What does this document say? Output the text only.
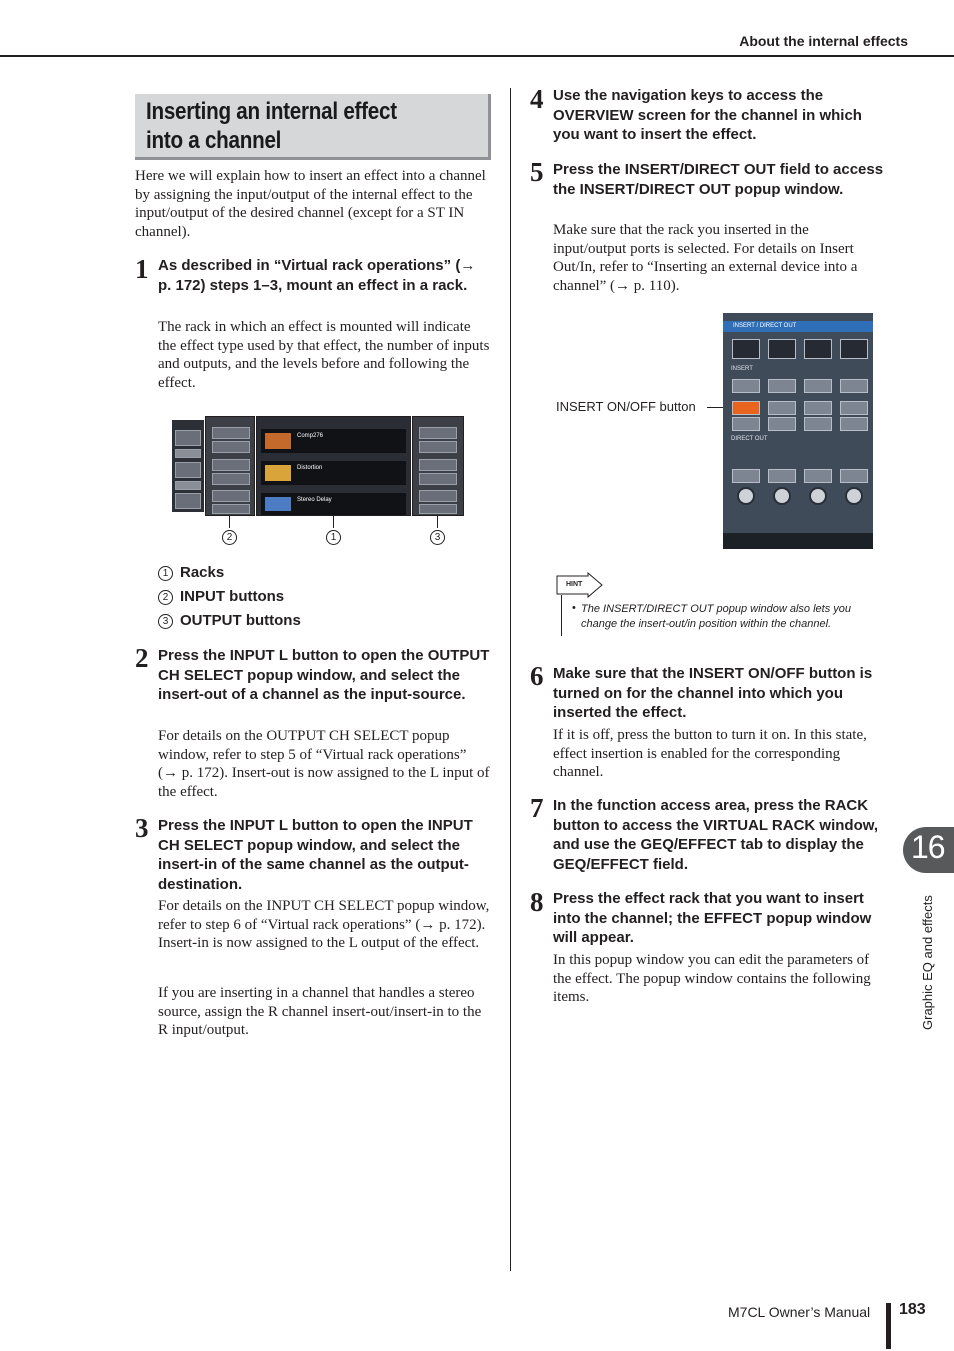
About the internal effects
Inserting an internal effect
into a channel
Here we will explain how to insert an effect into a channel by assigning the input/output of the internal effect to the input/output of the desired channel (except for a ST IN channel).
1 As described in “Virtual rack operations” (→ p. 172) steps 1–3, mount an effect in a rack.
The rack in which an effect is mounted will indicate the effect type used by that effect, the number of inputs and outputs, and the levels before and following the effect.
Comp276
Distortion
Stereo Delay
2	1	3
1 Racks
2 INPUT buttons
3 OUTPUT buttons
2 Press the INPUT L button to open the OUTPUT CH SELECT popup window, and select the insert-out of a channel as the input-source.
For details on the OUTPUT CH SELECT popup window, refer to step 5 of “Virtual rack operations” (→ p. 172). Insert-out is now assigned to the L input of the effect.
3 Press the INPUT L button to open the INPUT CH SELECT popup window, and select the insert-in of the same channel as the output-destination.
For details on the INPUT CH SELECT popup window, refer to step 6 of “Virtual rack operations” (→ p. 172). Insert-in is now assigned to the L output of the effect.
If you are inserting in a channel that handles a stereo source, assign the R channel insert-out/insert-in to the R input/output.
4 Use the navigation keys to access the OVERVIEW screen for the channel in which you want to insert the effect.
5 Press the INSERT/DIRECT OUT field to access the INSERT/DIRECT OUT popup window.
Make sure that the rack you inserted in the input/output ports is selected. For details on Insert Out/In, refer to “Inserting an external device into a channel” (→ p. 110).
INSERT ON/OFF button
INSERT / DIRECT OUT
INSERT
DIRECT OUT
HINT
• The INSERT/DIRECT OUT popup window also lets you change the insert-out/in position within the channel.
6 Make sure that the INSERT ON/OFF button is turned on for the channel into which you inserted the effect.
If it is off, press the button to turn it on. In this state, effect insertion is enabled for the corresponding channel.
7 In the function access area, press the RACK button to access the VIRTUAL RACK window, and use the GEQ/EFFECT tab to display the GEQ/EFFECT field.
8 Press the effect rack that you want to insert into the channel; the EFFECT popup window will appear.
In this popup window you can edit the parameters of the effect. The popup window contains the following items.
16
Graphic EQ and effects
M7CL Owner’s Manual 183
